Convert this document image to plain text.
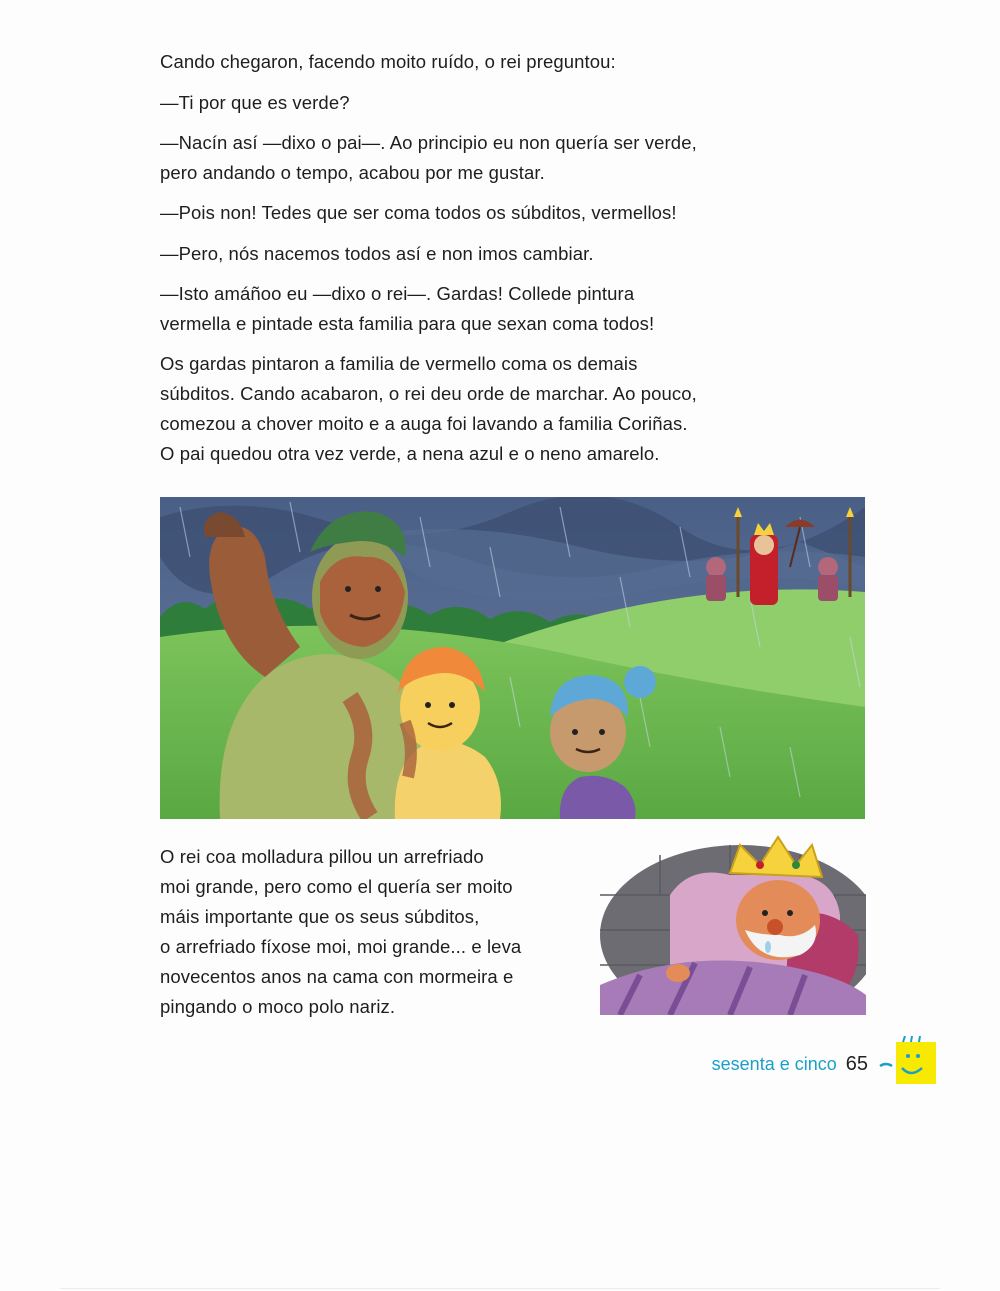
Cando chegaron, facendo moito ruído, o rei preguntou:

—Ti por que es verde?

—Nacín así —dixo o pai—. Ao principio eu non quería ser verde,
pero andando o tempo, acabou por me gustar.

—Pois non! Tedes que ser coma todos os súbditos, vermellos!

—Pero, nós nacemos todos así e non imos cambiar.

—Isto amáñoo eu —dixo o rei—. Gardas! Collede pintura
vermella e pintade esta familia para que sexan coma todos!

Os gardas pintaron a familia de vermello coma os demais
súbditos. Cando acabaron, o rei deu orde de marchar. Ao pouco,
comezou a chover moito e a auga foi lavando a familia Coriñas.
O pai quedou otra vez verde, a nena azul e o neno amarelo.

O rei coa molladura pillou un arrefriado
moi grande, pero como el quería ser moito
máis importante que os seus súbditos,
o arrefriado fíxose moi, moi grande... e leva
novecentos anos na cama con mormeira e
pingando o moco polo nariz.

sesenta e cinco 65
